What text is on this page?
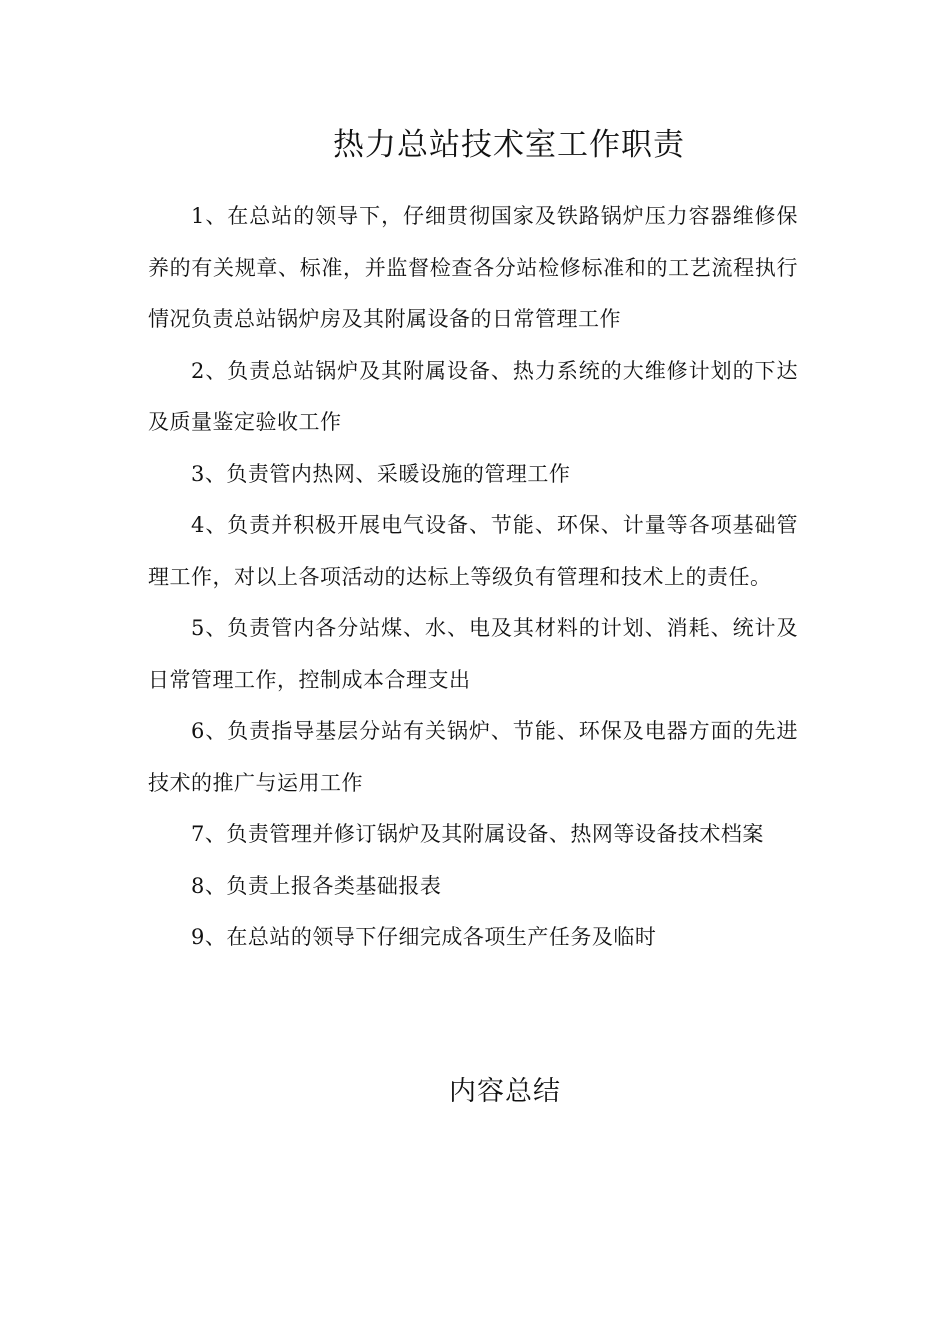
热力总站技术室工作职责

1、在总站的领导下，仔细贯彻国家及铁路锅炉压力容器维修保养的有关规章、标准，并监督检查各分站检修标准和的工艺流程执行情况负责总站锅炉房及其附属设备的日常管理工作

2、负责总站锅炉及其附属设备、热力系统的大维修计划的下达及质量鉴定验收工作

3、负责管内热网、采暖设施的管理工作

4、负责并积极开展电气设备、节能、环保、计量等各项基础管理工作，对以上各项活动的达标上等级负有管理和技术上的责任。

5、负责管内各分站煤、水、电及其材料的计划、消耗、统计及日常管理工作，控制成本合理支出

6、负责指导基层分站有关锅炉、节能、环保及电器方面的先进技术的推广与运用工作

7、负责管理并修订锅炉及其附属设备、热网等设备技术档案

8、负责上报各类基础报表

9、在总站的领导下仔细完成各项生产任务及临时

内容总结
